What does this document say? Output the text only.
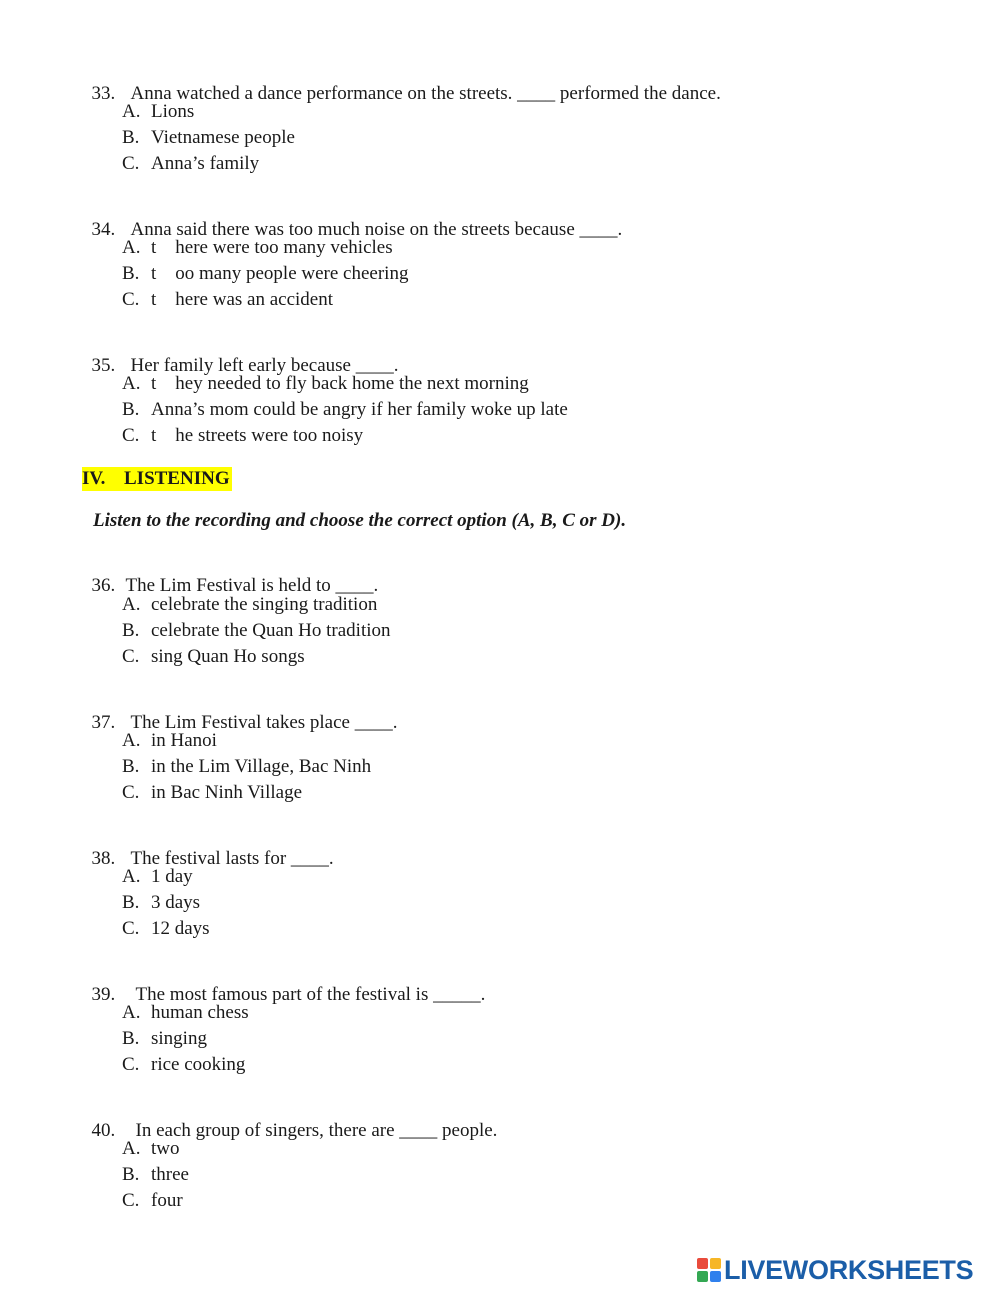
33. Anna watched a dance performance on the streets. ____ performed the dance.

A. Lions
B. Vietnamese people
C. Anna’s family

34. Anna said there was too much noise on the streets because ____.

A. t    here were too many vehicles
B. t    oo many people were cheering
C. t    here was an accident

35. Her family left early because ____.

A. t    hey needed to fly back home the next morning
B. Anna’s mom could be angry if her family woke up late
C. t    he streets were too noisy
IV. LISTENING
Listen to the recording and choose the correct option (A, B, C or D).

36. The Lim Festival is held to ____.

A. celebrate the singing tradition
B. celebrate the Quan Ho tradition
C. sing Quan Ho songs

37. The Lim Festival takes place ____.

A. in Hanoi
B. in the Lim Village, Bac Ninh
C. in Bac Ninh Village

38. The festival lasts for ____.

A. 1 day
B. 3 days
C. 12 days

39. The most famous part of the festival is _____.

A. human chess
B. singing
C. rice cooking

40. In each group of singers, there are ____ people.

A. two
B. three
C. four
LIVEWORKSHEETS
